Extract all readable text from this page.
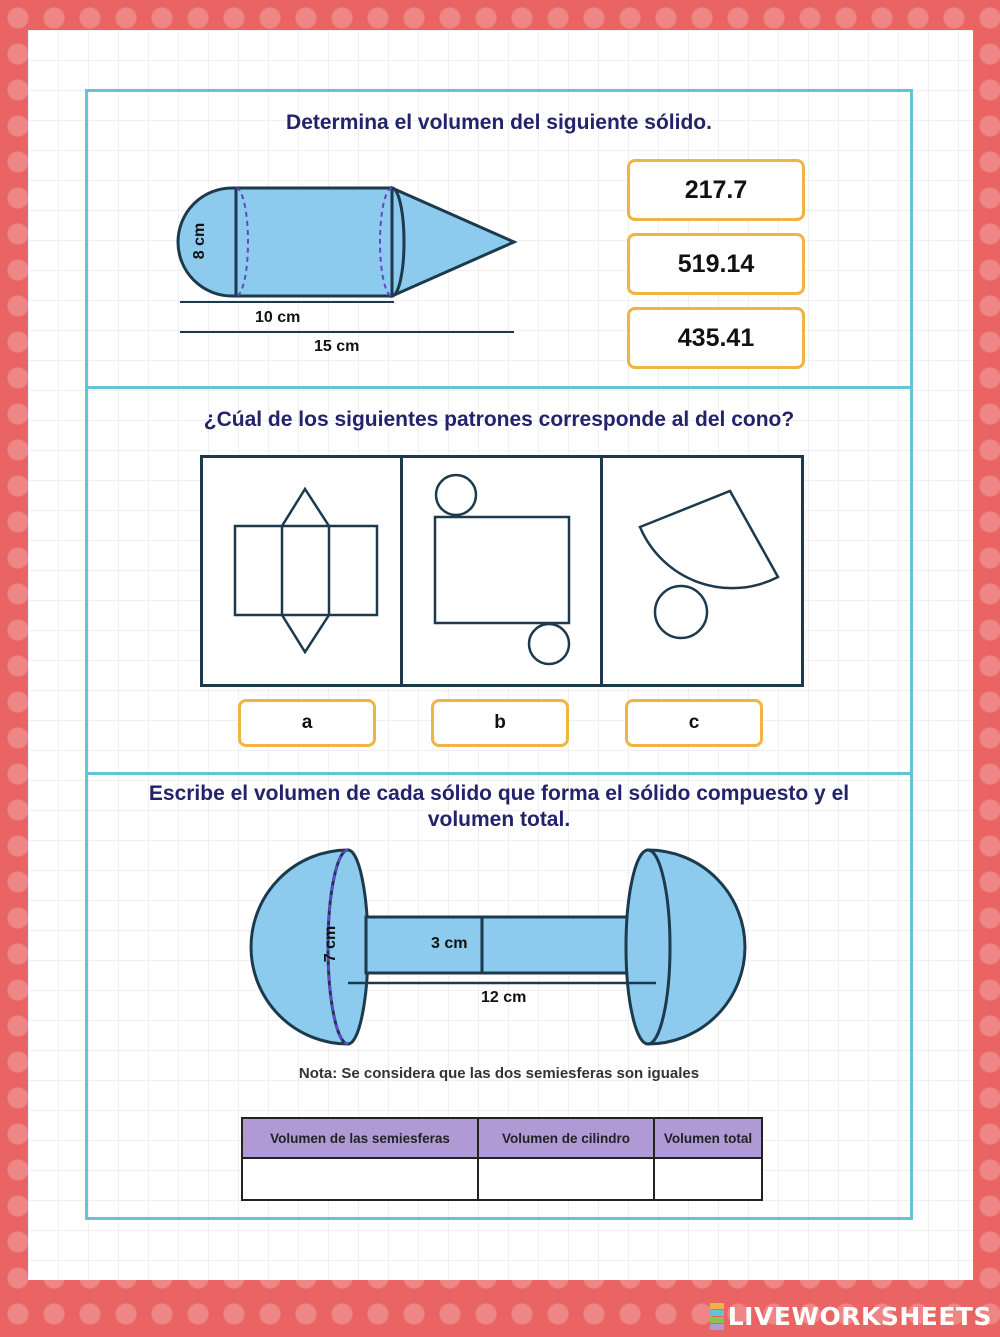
Determina el volumen del siguiente sólido.
8 cm
10 cm
15 cm
217.7
519.14
435.41
¿Cúal de los siguientes patrones corresponde al del cono?
a	b	c
Escribe el volumen de cada sólido que forma el sólido compuesto y el volumen total.
7 cm	3 cm
12 cm
Nota: Se considera que las dos semiesferas son iguales
Volumen de las semiesferas	Volumen de cilindro	Volumen total

LIVEWORKSHEETS
